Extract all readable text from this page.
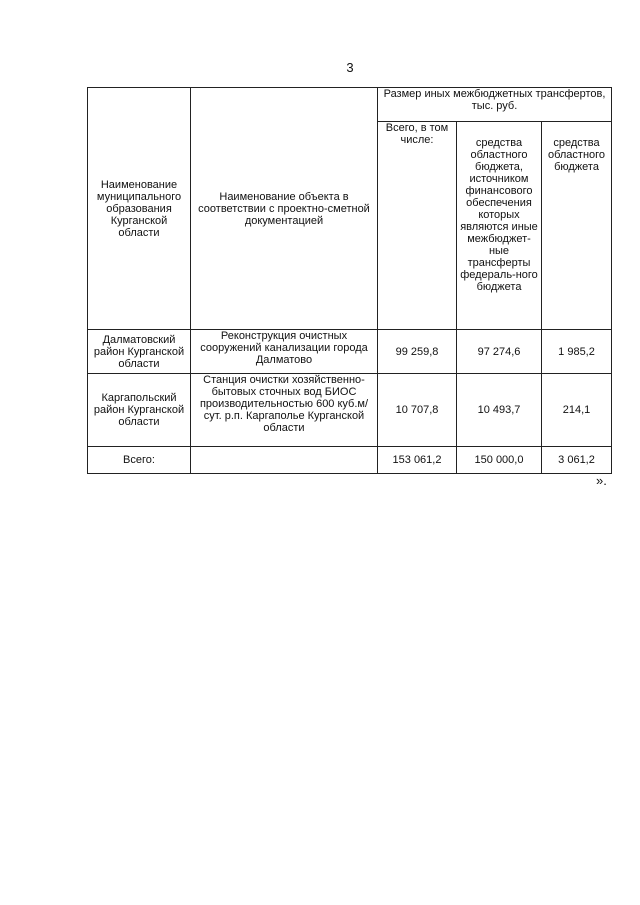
3
Наименование муниципального образования Курганской области	Наименование объекта в соответствии с проектно-сметной документацией	Размер иных межбюджетных трансфертов, тыс. руб.		
		Всего, в том числе:	средства областного бюджета, источником финансового обеспечения которых являются иные межбюджет-ные трансферты федераль-ного бюджета	средства областного бюджета
Далматовский район Курганской области	Реконструкция очистных сооружений канализации города Далматово	99 259,8	97 274,6	1 985,2
Каргапольский район Курганской области	Станция очистки хозяйственно-бытовых сточных вод БИОС производительностью 600 куб.м/сут. р.п. Каргаполье Курганской области	10 707,8	10 493,7	214,1
Всего:		153 061,2	150 000,0	3 061,2
».
